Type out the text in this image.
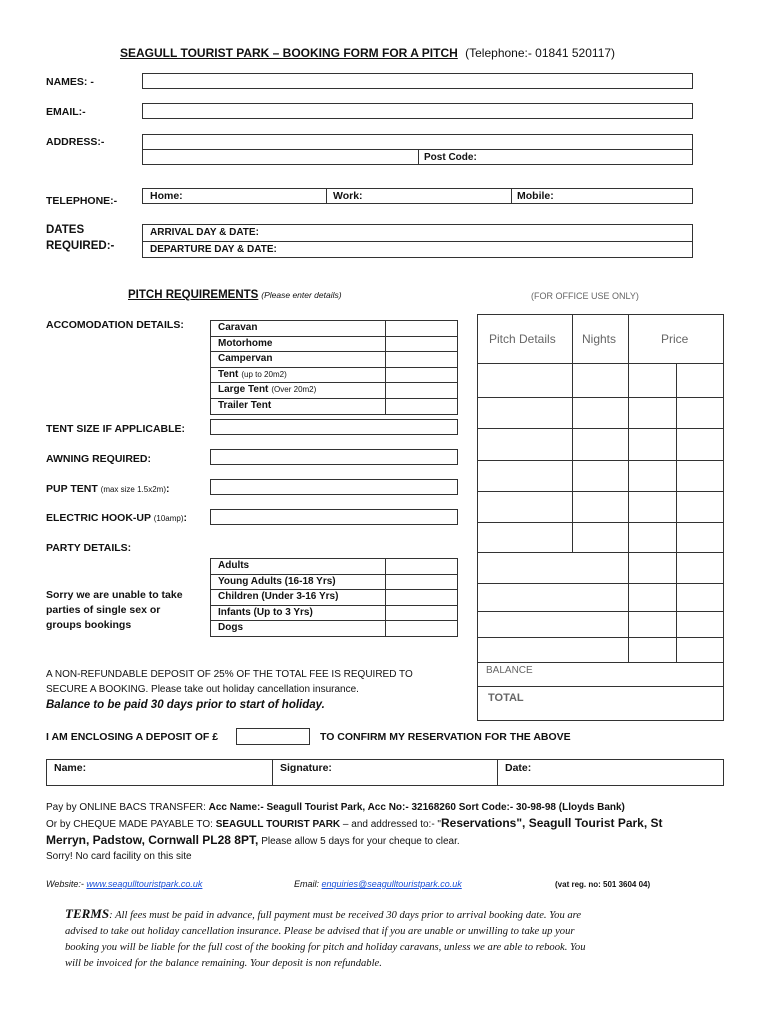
SEAGULL TOURIST PARK – BOOKING FORM FOR A PITCH (Telephone:- 01841 520117)
NAMES: -
EMAIL:-
ADDRESS:-
Post Code:
TELEPHONE:-	Home:	Work:	Mobile:
DATES
REQUIRED:-
ARRIVAL DAY & DATE:
DEPARTURE DAY & DATE:
PITCH REQUIREMENTS (Please enter details)	(FOR OFFICE USE ONLY)
ACCOMODATION DETAILS:	Caravan
Motorhome
Campervan
Tent (up to 20m2)
Large Tent (Over 20m2)
Trailer Tent
TENT SIZE IF APPLICABLE:
AWNING REQUIRED:
PUP TENT (max size 1.5x2m):
ELECTRIC HOOK-UP (10amp):
PARTY DETAILS:
Sorry we are unable to take
parties of single sex or
groups bookings
Adults
Young Adults (16-18 Yrs)
Children (Under 3-16 Yrs)
Infants (Up to 3 Yrs)
Dogs
Pitch Details Nights	Price
BALANCE
TOTAL
A NON-REFUNDABLE DEPOSIT OF 25% OF THE TOTAL FEE IS REQUIRED TO
SECURE A BOOKING. Please take out holiday cancellation insurance.
Balance to be paid 30 days prior to start of holiday.
I AM ENCLOSING A DEPOSIT OF £	TO CONFIRM MY RESERVATION FOR THE ABOVE
Name:	Signature:	Date:
Pay by ONLINE BACS TRANSFER: Acc Name:- Seagull Tourist Park, Acc No:- 32168260 Sort Code:- 30-98-98 (Lloyds Bank)
Or by CHEQUE MADE PAYABLE TO: SEAGULL TOURIST PARK – and addressed to:- "Reservations", Seagull Tourist Park, St
Merryn, Padstow, Cornwall PL28 8PT, Please allow 5 days for your cheque to clear.
Sorry! No card facility on this site
Website:- www.seagulltouristpark.co.uk	Email: enquiries@seagulltouristpark.co.uk	(vat reg. no: 501 3604 04)
TERMS: All fees must be paid in advance, full payment must be received 30 days prior to arrival booking date. You are
advised to take out holiday cancellation insurance. Please be advised that if you are unable or unwilling to take up your
booking you will be liable for the full cost of the booking for pitch and holiday caravans, unless we are able to rebook. You
will be invoiced for the balance remaining. Your deposit is non refundable.
